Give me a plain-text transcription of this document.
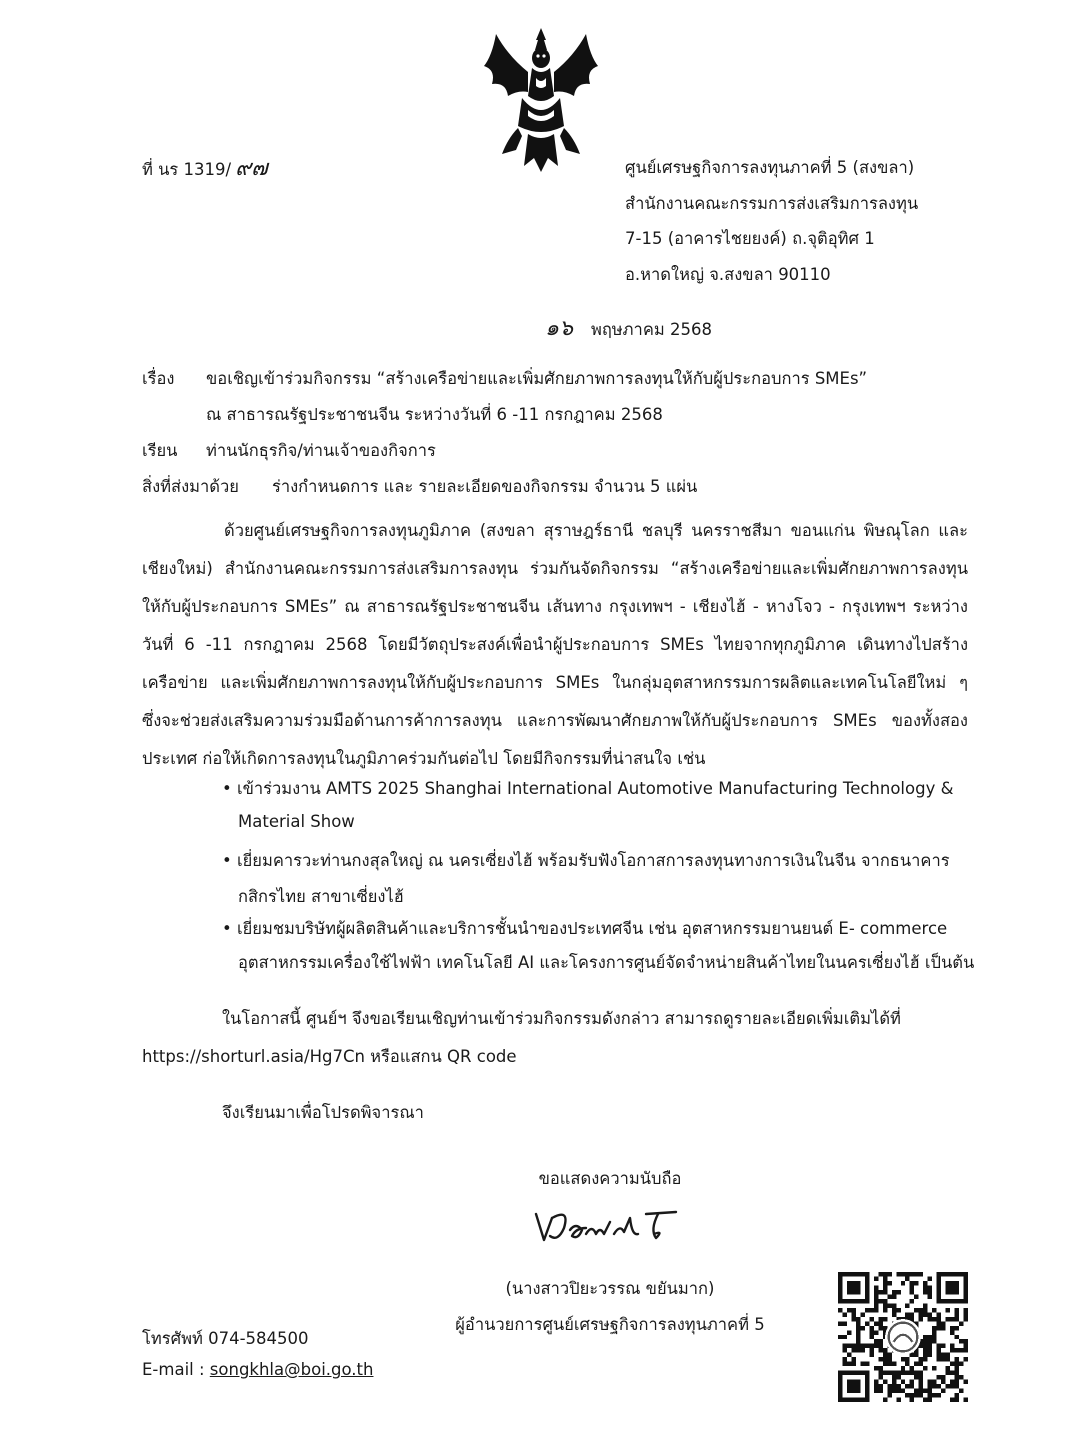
ที่ นร 1319/ ๙๗	ศูนย์เศรษฐกิจการลงทุนภาคที่ 5 (สงขลา)
สำนักงานคณะกรรมการส่งเสริมการลงทุน
7-15 (อาคารไชยยงค์) ถ.จุติอุทิศ 1
อ.หาดใหญ่ จ.สงขลา 90110
๑๖ พฤษภาคม 2568
เรื่อง ขอเชิญเข้าร่วมกิจกรรม “สร้างเครือข่ายและเพิ่มศักยภาพการลงทุนให้กับผู้ประกอบการ SMEs”
ณ สาธารณรัฐประชาชนจีน ระหว่างวันที่ 6 -11 กรกฎาคม 2568
เรียน ท่านนักธุรกิจ/ท่านเจ้าของกิจการ
สิ่งที่ส่งมาด้วย ร่างกำหนดการ และ รายละเอียดของกิจกรรม จำนวน 5 แผ่น
ด้วยศูนย์เศรษฐกิจการลงทุนภูมิภาค (สงขลา สุราษฎร์ธานี ชลบุรี นครราชสีมา ขอนแก่น พิษณุโลก และ
เชียงใหม่) สำนักงานคณะกรรมการส่งเสริมการลงทุน ร่วมกันจัดกิจกรรม “สร้างเครือข่ายและเพิ่มศักยภาพการลงทุน
ให้กับผู้ประกอบการ SMEs” ณ สาธารณรัฐประชาชนจีน เส้นทาง กรุงเทพฯ - เชียงไฮ้ - หางโจว - กรุงเทพฯ ระหว่าง
วันที่ 6 -11 กรกฎาคม 2568 โดยมีวัตถุประสงค์เพื่อนำผู้ประกอบการ SMEs ไทยจากทุกภูมิภาค เดินทางไปสร้าง
เครือข่าย และเพิ่มศักยภาพการลงทุนให้กับผู้ประกอบการ SMEs ในกลุ่มอุตสาหกรรมการผลิตและเทคโนโลยีใหม่ ๆ
ซึ่งจะช่วยส่งเสริมความร่วมมือด้านการค้าการลงทุน และการพัฒนาศักยภาพให้กับผู้ประกอบการ SMEs ของทั้งสอง
ประเทศ ก่อให้เกิดการลงทุนในภูมิภาคร่วมกันต่อไป โดยมีกิจกรรมที่น่าสนใจ เช่น
• เข้าร่วมงาน AMTS 2025 Shanghai International Automotive Manufacturing Technology &
Material Show
• เยี่ยมคารวะท่านกงสุลใหญ่ ณ นครเซี่ยงไฮ้ พร้อมรับฟังโอกาสการลงทุนทางการเงินในจีน จากธนาคาร
กสิกรไทย สาขาเซี่ยงไฮ้
• เยี่ยมชมบริษัทผู้ผลิตสินค้าและบริการชั้นนำของประเทศจีน เช่น อุตสาหกรรมยานยนต์ E- commerce
อุตสาหกรรมเครื่องใช้ไฟฟ้า เทคโนโลยี AI และโครงการศูนย์จัดจำหน่ายสินค้าไทยในนครเซี่ยงไฮ้ เป็นต้น
ในโอกาสนี้ ศูนย์ฯ จึงขอเรียนเชิญท่านเข้าร่วมกิจกรรมดังกล่าว สามารถดูรายละเอียดเพิ่มเติมได้ที่
https://shorturl.asia/Hg7Cn หรือแสกน QR code
จึงเรียนมาเพื่อโปรดพิจารณา
ขอแสดงความนับถือ
(นางสาวปิยะวรรณ ขยันมาก)
ผู้อำนวยการศูนย์เศรษฐกิจการลงทุนภาคที่ 5
โทรศัพท์ 074-584500
E-mail : songkhla@boi.go.th
